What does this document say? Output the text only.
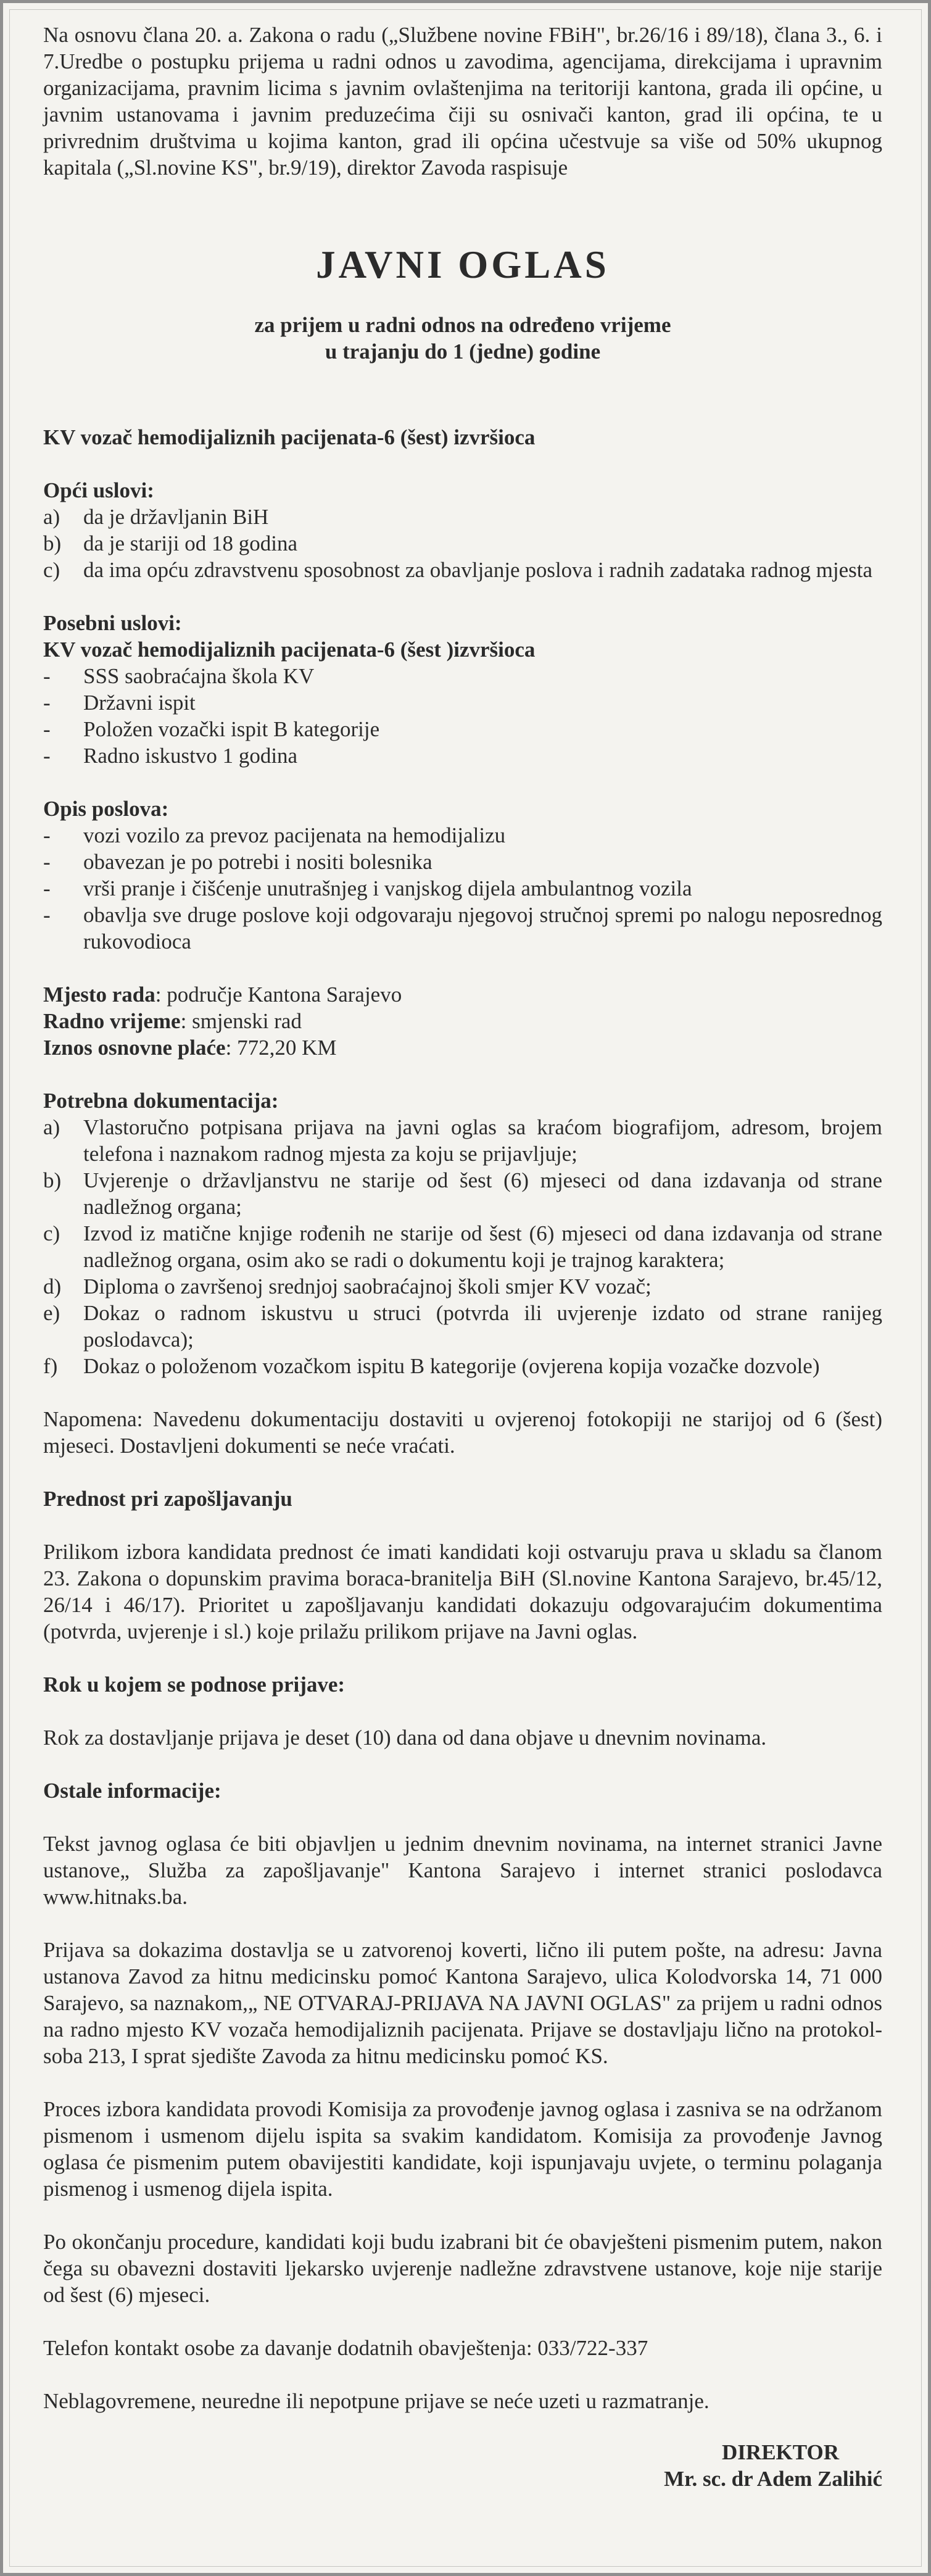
Na osnovu člana 20. a. Zakona o radu („Službene novine FBiH", br.26/16 i 89/18), člana 3., 6. i 7.Uredbe o postupku prijema u radni odnos u zavodima, agencijama, direkcijama i upravnim organizacijama, pravnim licima s javnim ovlaštenjima na teritoriji kantona, grada ili općine, u javnim ustanovama i javnim preduzećima čiji su osnivači kanton, grad ili općina, te u privrednim društvima u kojima kanton, grad ili općina učestvuje sa više od 50% ukupnog kapitala („Sl.novine KS", br.9/19), direktor Zavoda raspisuje

JAVNI OGLAS

za prijem u radni odnos na određeno vrijeme

u trajanju do 1 (jedne) godine

KV vozač hemodijaliznih pacijenata-6 (šest) izvršioca

Opći uslovi:

a)	da je državljanin BiH
b)	da je stariji od 18 godina
c)	da ima opću zdravstvenu sposobnost za obavljanje poslova i radnih zadataka radnog mjesta

Posebni uslovi:

KV vozač hemodijaliznih pacijenata-6 (šest )izvršioca

-	SSS saobraćajna škola KV
-	Državni ispit
-	Položen vozački ispit B kategorije
-	Radno iskustvo 1 godina

Opis poslova:

-	vozi vozilo za prevoz pacijenata na hemodijalizu
-	obavezan je po potrebi i nositi bolesnika
-	vrši pranje i čišćenje unutrašnjeg i vanjskog dijela ambulantnog vozila
-	obavlja sve druge poslove koji odgovaraju njegovoj stručnoj spremi po nalogu neposrednog rukovodioca

Mjesto rada: područje Kantona Sarajevo

Radno vrijeme: smjenski rad

Iznos osnovne plaće: 772,20 KM

Potrebna dokumentacija:

a)	Vlastoručno potpisana prijava na javni oglas sa kraćom biografijom, adresom, brojem telefona i naznakom radnog mjesta za koju se prijavljuje;
b)	Uvjerenje o državljanstvu ne starije od šest (6) mjeseci od dana izdavanja od strane nadležnog organa;
c)	Izvod iz matične knjige rođenih ne starije od šest (6) mjeseci od dana izdavanja od strane nadležnog organa, osim ako se radi o dokumentu koji je trajnog karaktera;
d)	Diploma o završenoj srednjoj saobraćajnoj školi smjer KV vozač;
e)	Dokaz o radnom iskustvu u struci (potvrda ili uvjerenje izdato od strane ranijeg poslodavca);
f)	Dokaz o položenom vozačkom ispitu B kategorije (ovjerena kopija vozačke dozvole)

Napomena: Navedenu dokumentaciju dostaviti u ovjerenoj fotokopiji ne starijoj od 6 (šest) mjeseci. Dostavljeni dokumenti se neće vraćati.

Prednost pri zapošljavanju

Prilikom izbora kandidata prednost će imati kandidati koji ostvaruju prava u skladu sa članom 23. Zakona o dopunskim pravima boraca-branitelja BiH (Sl.novine Kantona Sarajevo, br.45/12, 26/14 i 46/17). Prioritet u zapošljavanju kandidati dokazuju odgovarajućim dokumentima (potvrda, uvjerenje i sl.) koje prilažu prilikom prijave na Javni oglas.

Rok u kojem se podnose prijave:

Rok za dostavljanje prijava je deset (10) dana od dana objave u dnevnim novinama.

Ostale informacije:

Tekst javnog oglasa će biti objavljen u jednim dnevnim novinama, na internet stranici Javne ustanove„ Služba za zapošljavanje" Kantona Sarajevo i internet stranici poslodavca www.hitnaks.ba.

Prijava sa dokazima dostavlja se u zatvorenoj koverti, lično ili putem pošte, na adresu: Javna ustanova Zavod za hitnu medicinsku pomoć Kantona Sarajevo, ulica Kolodvorska 14, 71 000 Sarajevo, sa naznakom,„ NE OTVARAJ-PRIJAVA NA JAVNI OGLAS" za prijem u radni odnos na radno mjesto KV vozača hemodijaliznih pacijenata. Prijave se dostavljaju lično na protokol-soba 213, I sprat sjedište Zavoda za hitnu medicinsku pomoć KS.

Proces izbora kandidata provodi Komisija za provođenje javnog oglasa i zasniva se na održanom pismenom i usmenom dijelu ispita sa svakim kandidatom. Komisija za provođenje Javnog oglasa će pismenim putem obavijestiti kandidate, koji ispunjavaju uvjete, o terminu polaganja pismenog i usmenog dijela ispita.

Po okončanju procedure, kandidati koji budu izabrani bit će obavješteni pismenim putem, nakon čega su obavezni dostaviti ljekarsko uvjerenje nadležne zdravstvene ustanove, koje nije starije od šest (6) mjeseci.

Telefon kontakt osobe za davanje dodatnih obavještenja: 033/722-337

Neblagovremene, neuredne ili nepotpune prijave se neće uzeti u razmatranje.

DIREKTOR

Mr. sc. dr Adem Zalihić
